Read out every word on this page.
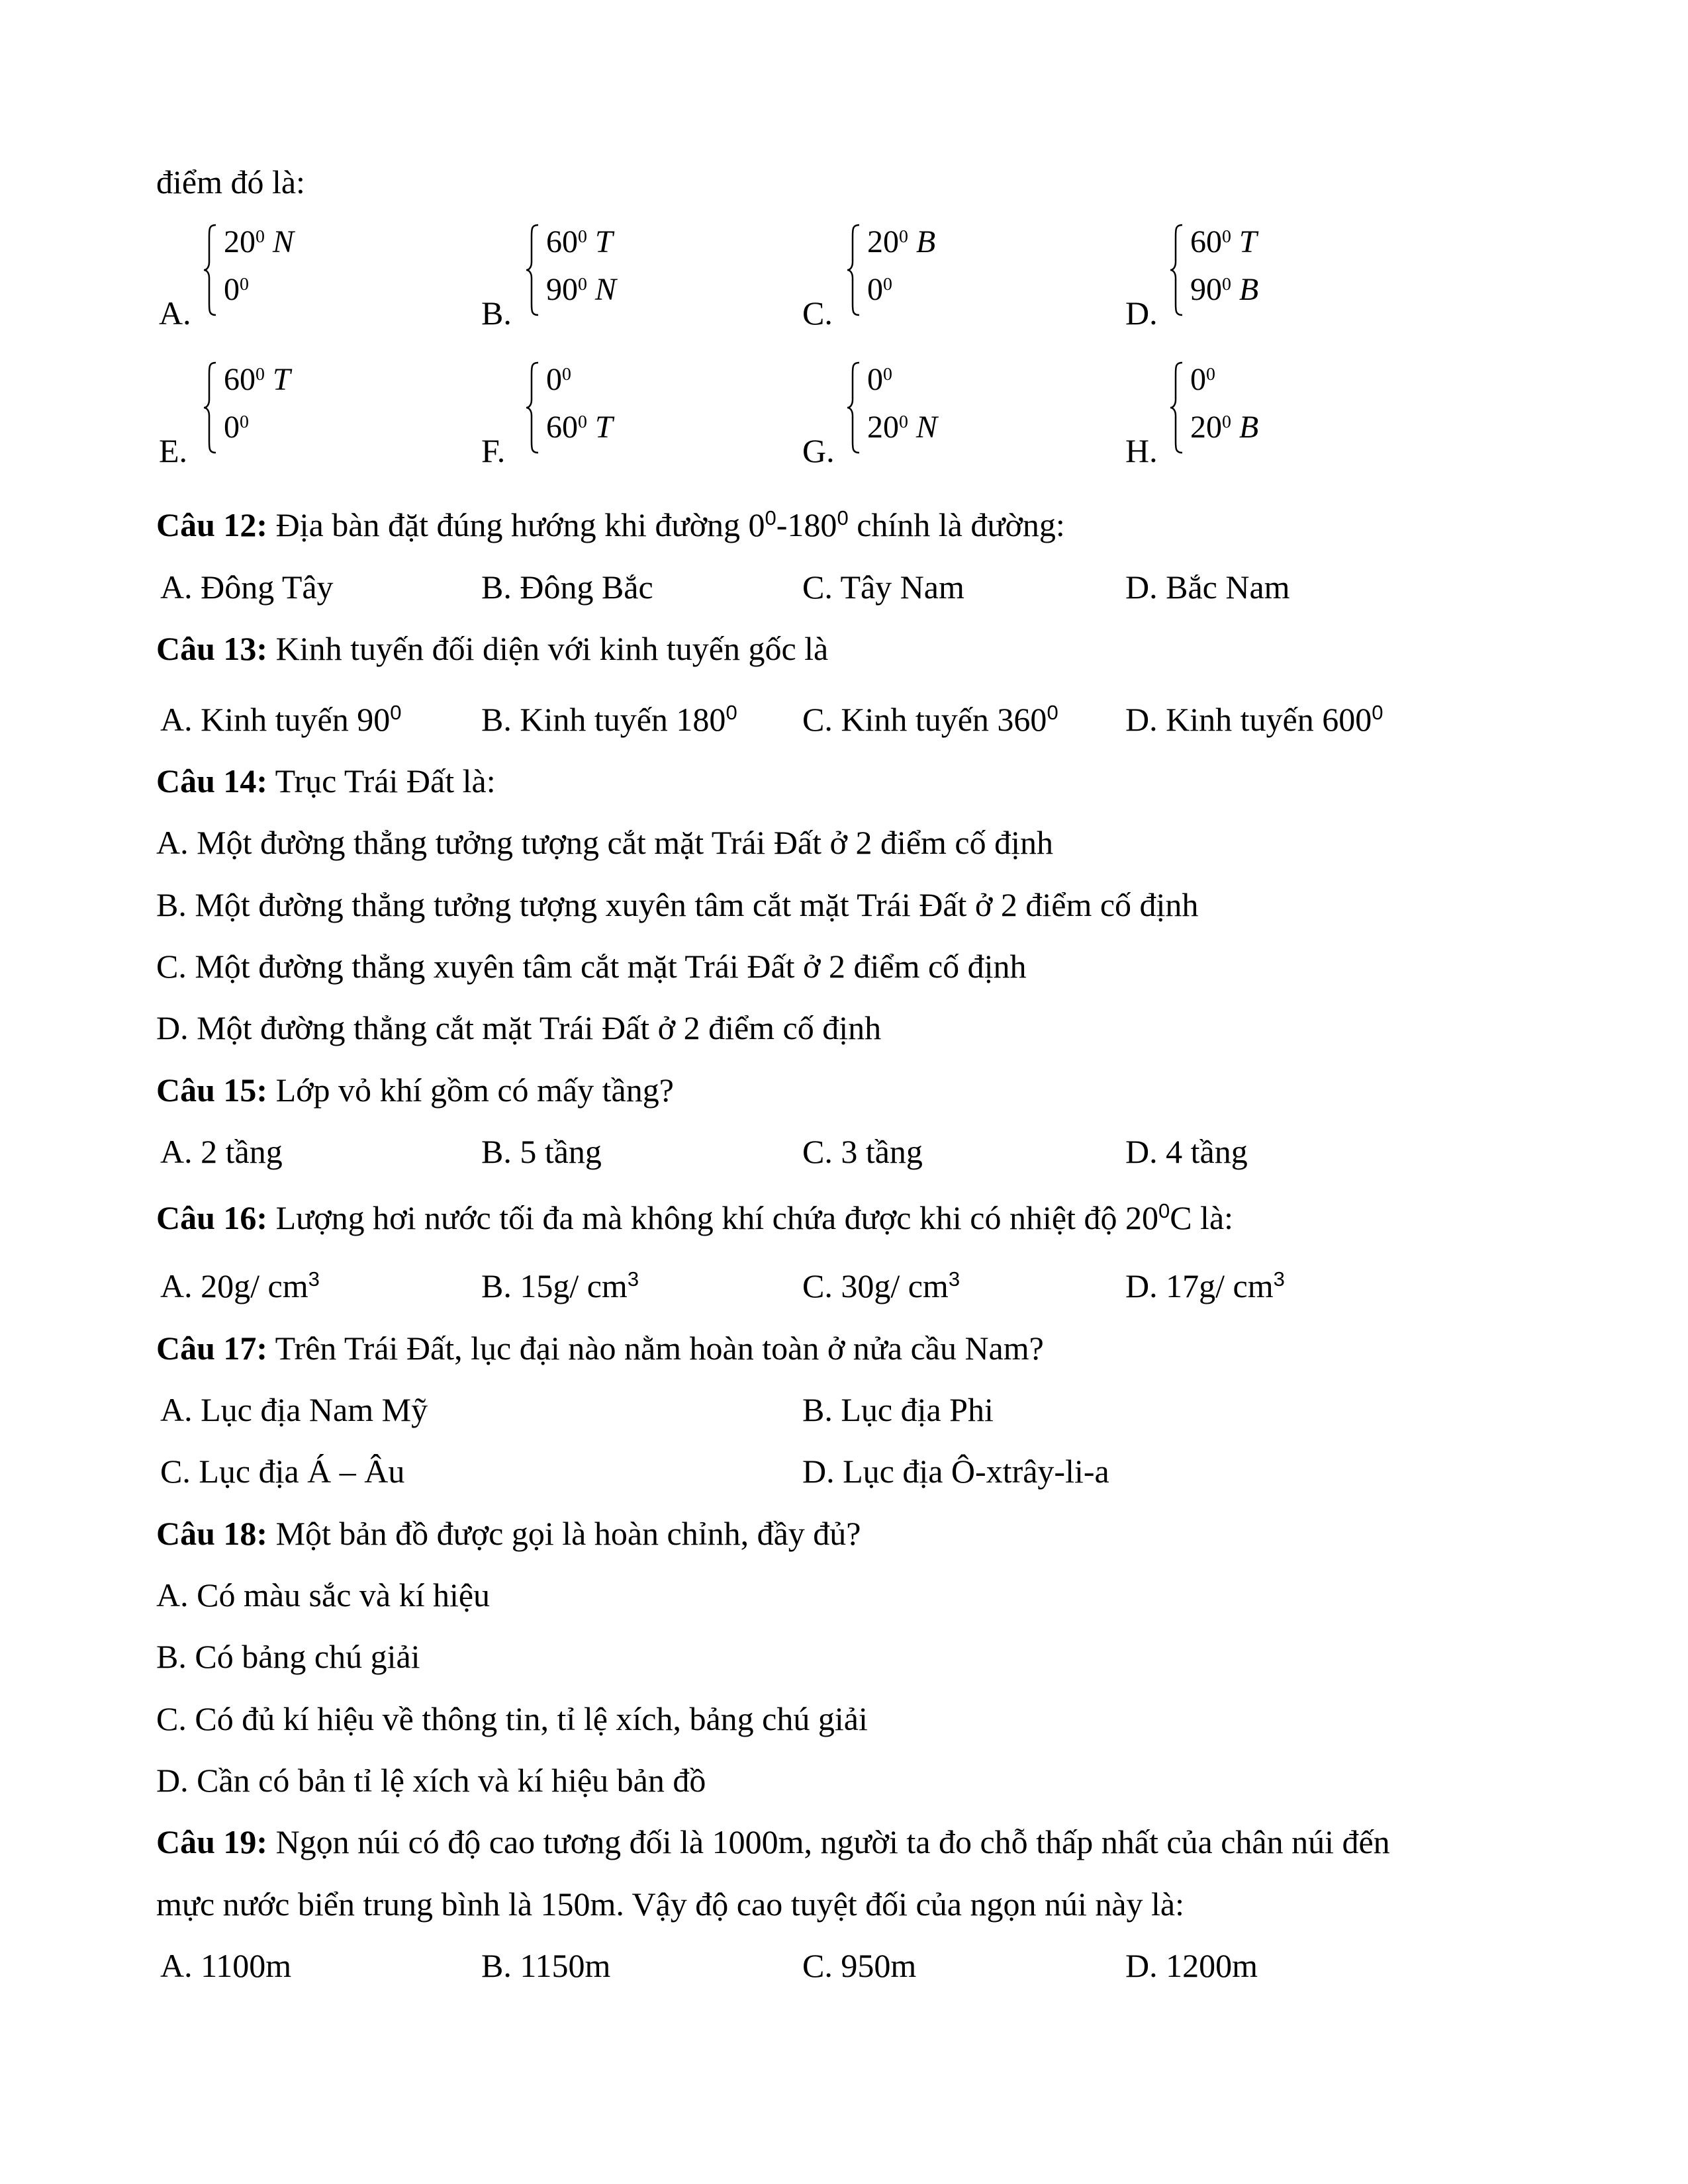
điểm đó là:
A.
$20^0$ N
$0^0$
B.
$60^0$ T
$90^0$ N
C.
$20^0$ B
$0^0$
D.
$60^0$ T
$90^0$ B
E.
$60^0$ T
$0^0$
F.
$0^0$
$60^0$ T
G.
$0^0$
$20^0$ N
H.
$0^0$
$20^0$ B
Câu 12: Địa bàn đặt đúng hướng khi đường $0^0-180^0$ chính là đường:
A. Đông Tây	B. Đông Bắc	C. Tây Nam	D. Bắc Nam
Câu 13: Kinh tuyến đối diện với kinh tuyến gốc là
A. Kinh tuyến $90^0$ B. Kinh tuyến $180^0$ C. Kinh tuyến $360^0$ D. Kinh tuyến $600^0$
Câu 14: Trục Trái Đất là:
A. Một đường thẳng tưởng tượng cắt mặt Trái Đất ở 2 điểm cố định
B. Một đường thẳng tưởng tượng xuyên tâm cắt mặt Trái Đất ở 2 điểm cố định
C. Một đường thẳng xuyên tâm cắt mặt Trái Đất ở 2 điểm cố định
D. Một đường thẳng cắt mặt Trái Đất ở 2 điểm cố định
Câu 15: Lớp vỏ khí gồm có mấy tầng?
A. 2 tầng	B. 5 tầng	C. 3 tầng	D. 4 tầng
Câu 16: Lượng hơi nước tối đa mà không khí chứa được khi có nhiệt độ $20^0C$ là:
A. 20g/ $cm^3$	B. 15g/ $cm^3$	C. 30g/ $cm^3$	D. 17g/ $cm^3$
Câu 17: Trên Trái Đất, lục đại nào nằm hoàn toàn ở nửa cầu Nam?
A. Lục địa Nam Mỹ	B. Lục địa Phi
C. Lục địa Á – Âu	D. Lục địa Ô-xtrây-li-a
Câu 18: Một bản đồ được gọi là hoàn chỉnh, đầy đủ?
A. Có màu sắc và kí hiệu
B. Có bảng chú giải
C. Có đủ kí hiệu về thông tin, tỉ lệ xích, bảng chú giải
D. Cần có bản tỉ lệ xích và kí hiệu bản đồ
Câu 19: Ngọn núi có độ cao tương đối là 1000m, người ta đo chỗ thấp nhất của chân núi đến
mực nước biển trung bình là 150m. Vậy độ cao tuyệt đối của ngọn núi này là:
A. 1100m	B. 1150m	C. 950m	D. 1200m
